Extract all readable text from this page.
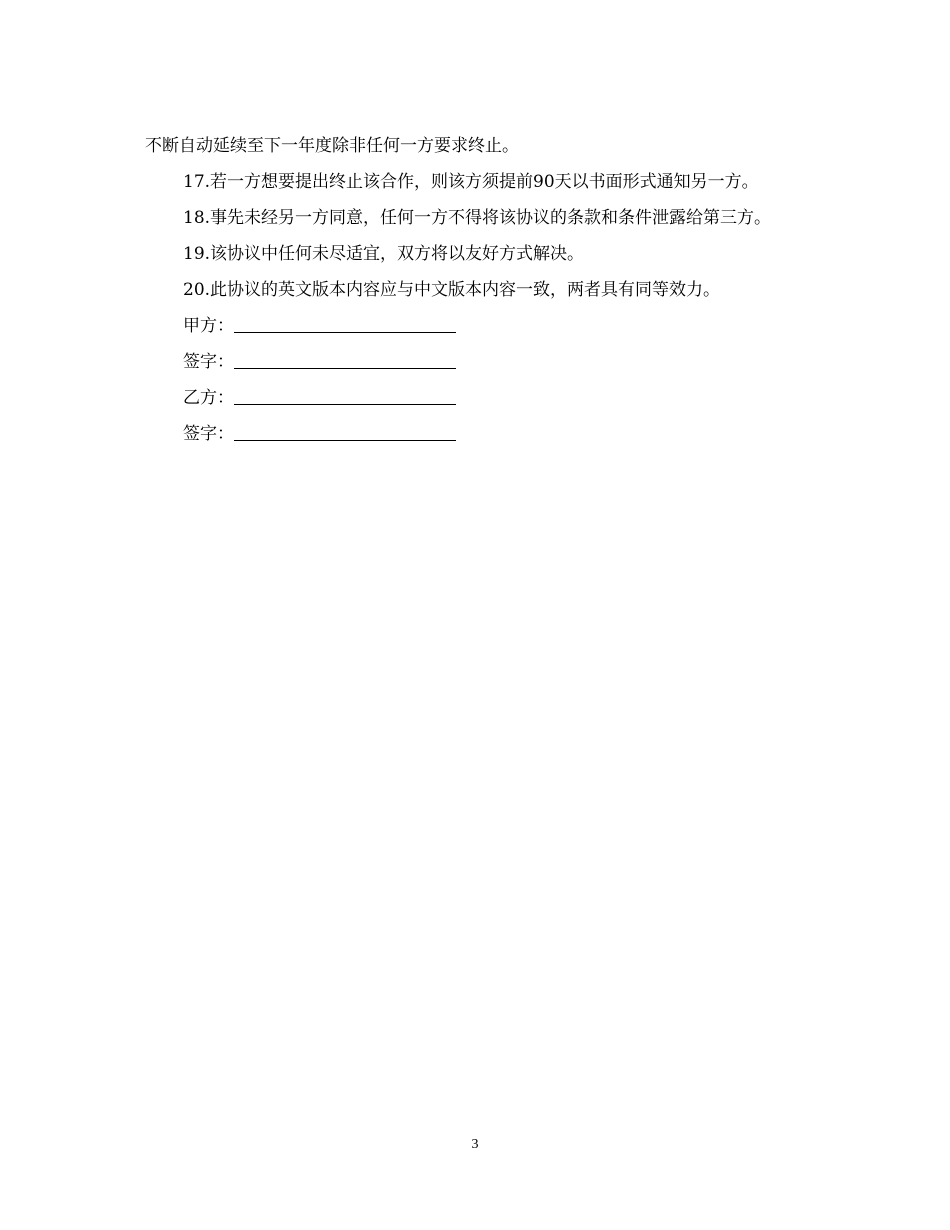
不断自动延续至下一年度除非任何一方要求终止。

17.若一方想要提出终止该合作，则该方须提前90天以书面形式通知另一方。

18.事先未经另一方同意，任何一方不得将该协议的条款和条件泄露给第三方。

19.该协议中任何未尽适宜，双方将以友好方式解决。

20.此协议的英文版本内容应与中文版本内容一致，两者具有同等效力。

甲方：
签字：
乙方：
签字：
3
